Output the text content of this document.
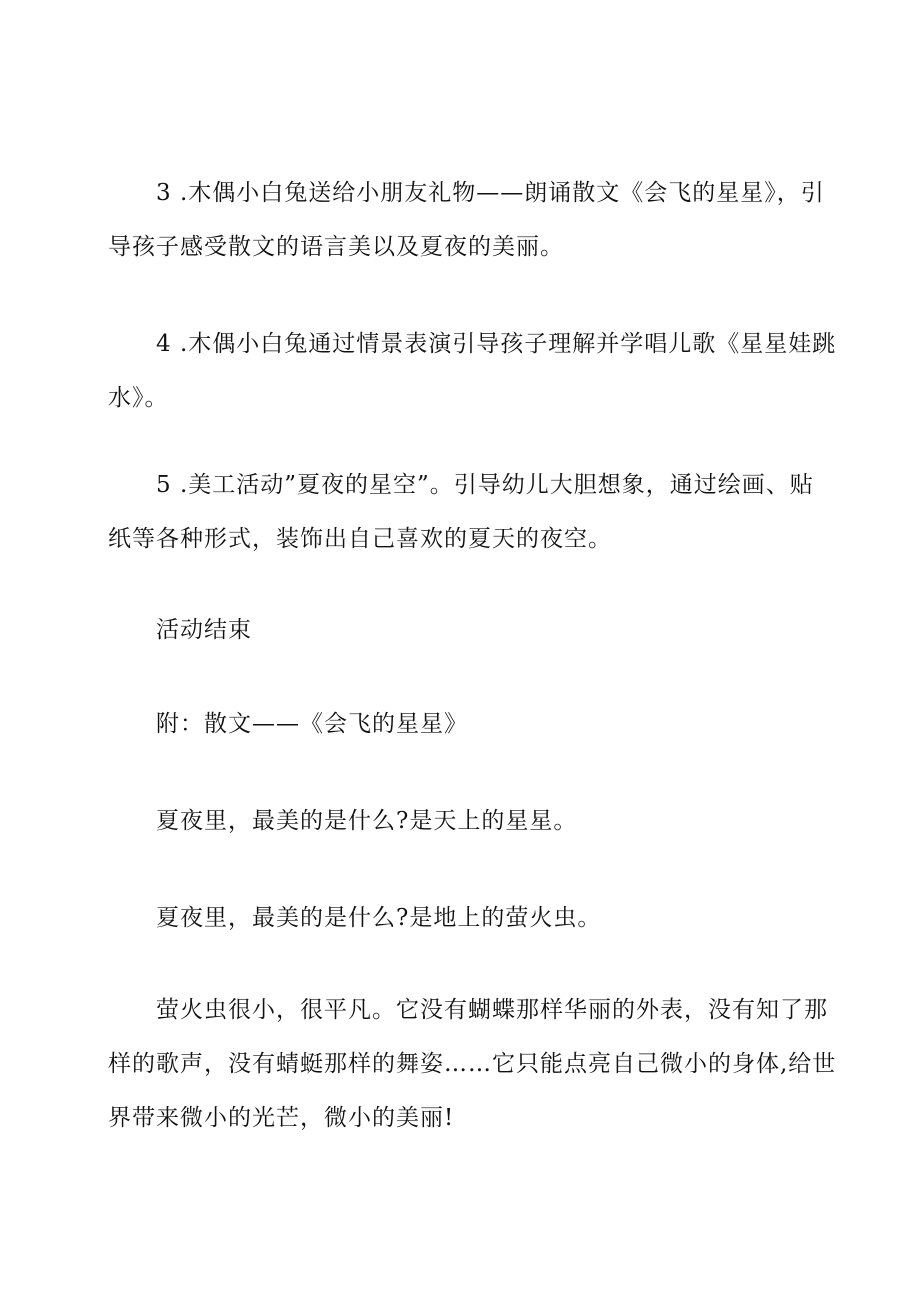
3 .木偶小白兔送给小朋友礼物——朗诵散文《会飞的星星》，引
导孩子感受散文的语言美以及夏夜的美丽。

4 .木偶小白兔通过情景表演引导孩子理解并学唱儿歌《星星娃跳
水》。

5 .美工活动”夏夜的星空”。引导幼儿大胆想象，通过绘画、贴
纸等各种形式，装饰出自己喜欢的夏天的夜空。

活动结束

附：散文——《会飞的星星》

夏夜里，最美的是什么?是天上的星星。

夏夜里，最美的是什么?是地上的萤火虫。

萤火虫很小，很平凡。它没有蝴蝶那样华丽的外表，没有知了那
样的歌声，没有蜻蜓那样的舞姿……它只能点亮自己微小的身体,给世
界带来微小的光芒，微小的美丽!
